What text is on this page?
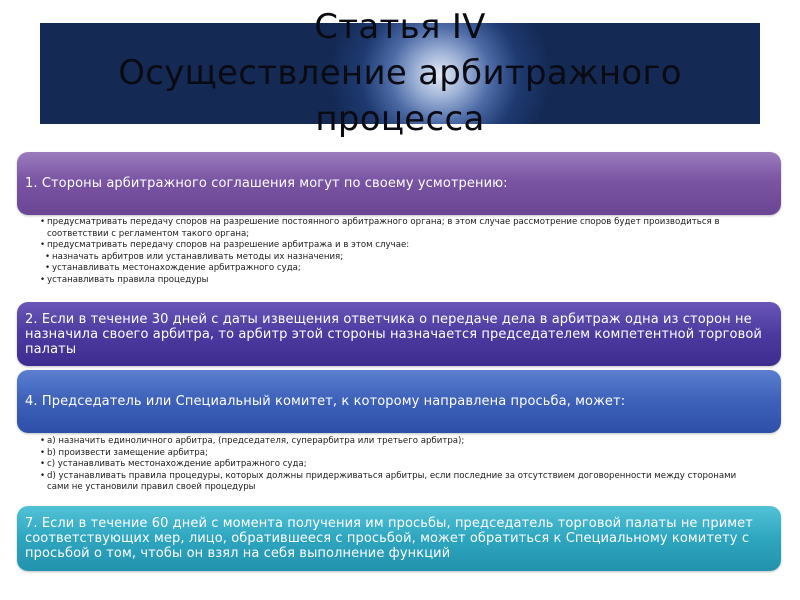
Статья IV
Осуществление арбитражного
процесса
1. Стороны арбитражного соглашения могут по своему усмотрению:
• предусматривать передачу споров на разрешение постоянного арбитражного органа; в этом случае рассмотрение споров будет производиться в соответствии с регламентом такого органа;
• предусматривать передачу споров на разрешение арбитража и в этом случае:
• назначать арбитров или устанавливать методы их назначения;
• устанавливать местонахождение арбитражного суда;
• устанавливать правила процедуры
2. Если в течение 30 дней с даты извещения ответчика о передаче дела в арбитраж одна из сторон не назначила своего арбитра, то арбитр этой стороны назначается председателем компетентной торговой палаты
4. Председатель или Специальный комитет, к которому направлена просьба, может:
• a) назначить единоличного арбитра, (председателя, суперарбитра или третьего арбитра);
• b) произвести замещение арбитра;
• c) устанавливать местонахождение арбитражного суда;
• d) устанавливать правила процедуры, которых должны придерживаться арбитры, если последние за отсутствием договоренности между сторонами сами не установили правил своей процедуры
7. Если в течение 60 дней с момента получения им просьбы, председатель торговой палаты не примет соответствующих мер, лицо, обратившееся с просьбой, может обратиться к Специальному комитету с просьбой о том, чтобы он взял на себя выполнение функций
